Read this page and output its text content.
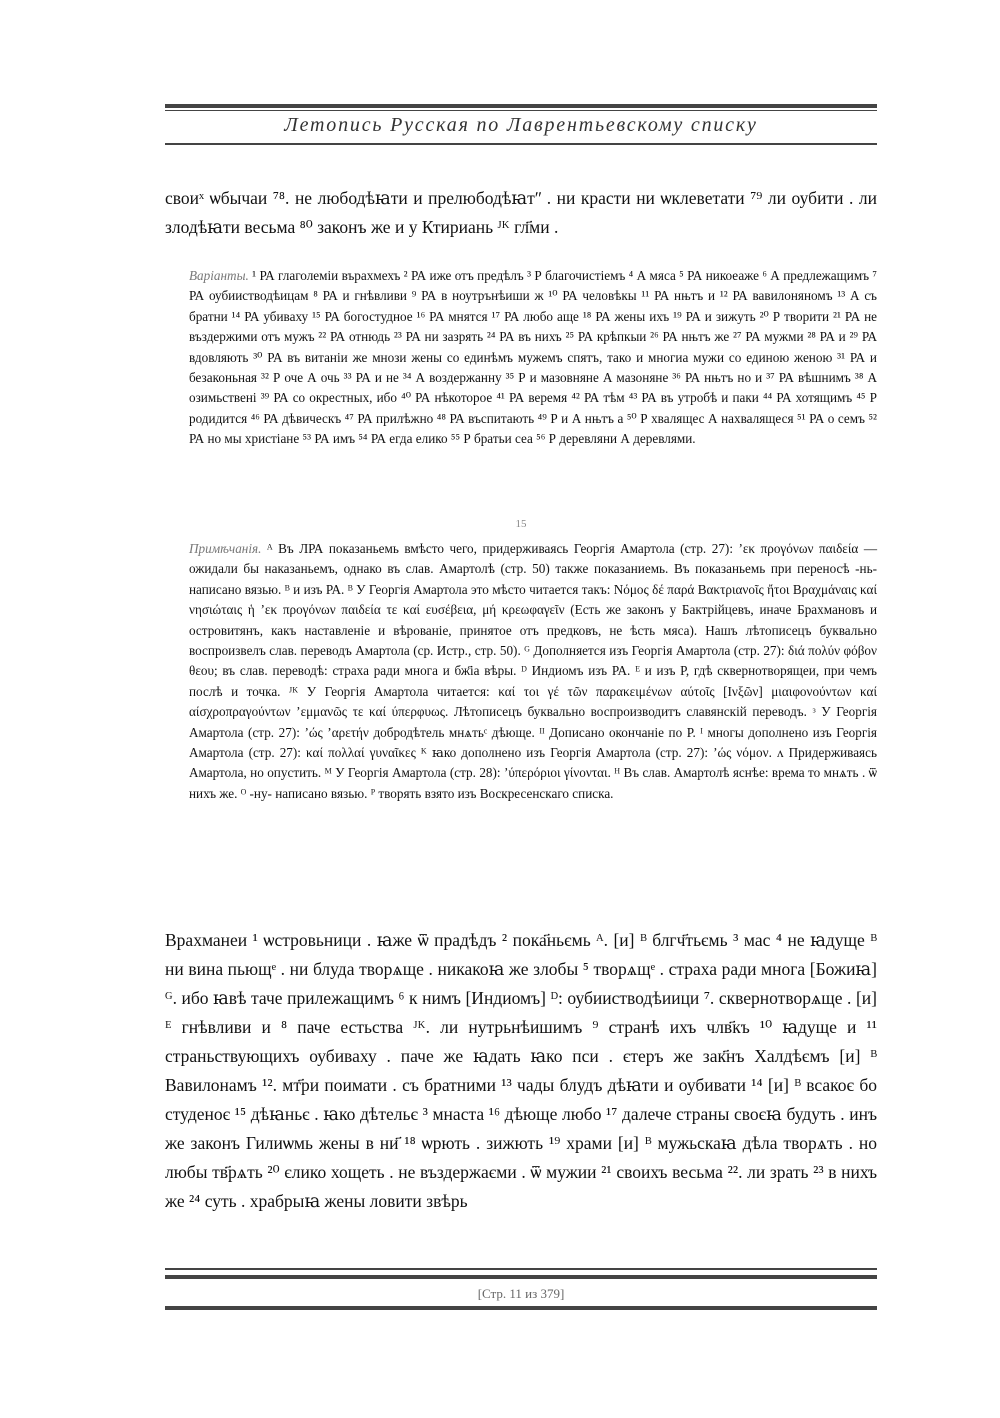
Летопись Русская по Лаврентьевскому списку

своиˣ ѡбычаи ⁷⁸. не любодѣꙗти и прелюбодѣꙗтʺ . ни красти ни ѡклеветати ⁷⁹ ли оубити . ли злодѣꙗти весьма ⁸⁰ законъ же и у Ктириань ᴶᴷ гл҃ми .

Варіанты. ¹ РА глаголеміи върахмехъ ² РА иже отъ предѣлъ ³ Р благочистіемъ ⁴ А мяса ⁵ РА никоеаже ⁶ А предлежащимъ ⁷ РА оубиистводѣицам ⁸ РА и гнѣвливи ⁹ РА в ноутрънѣиши ж ¹⁰ РА человѣкы ¹¹ РА нњтъ и ¹² РА вавилоняномъ ¹³ А съ братни ¹⁴ РА убиваху ¹⁵ РА богостудное ¹⁶ РА мнятся ¹⁷ РА любо аще ¹⁸ РА жены ихъ ¹⁹ РА и зижуть ²⁰ Р творити ²¹ РА не въздержими отъ мужъ ²² РА отнюдь ²³ РА ни зазрять ²⁴ РА въ нихъ ²⁵ РА крѣпкыи ²⁶ РА нњтъ же ²⁷ РА мужми ²⁸ РА и ²⁹ РА вдовляють ³⁰ РА въ витаніи же мнози жены со единѣмъ мужемъ спятъ, тако и многиа мужи со единою женою ³¹ РА и безаконьная ³² Р оче А очь ³³ РА и не ³⁴ А воздержанну ³⁵ Р и мазовняне А мазоняне ³⁶ РА нњтъ но и ³⁷ РА вѣшнимъ ³⁸ А озимьствені ³⁹ РА со окрестных, ибо ⁴⁰ РА нѣкоторое ⁴¹ РА веремя ⁴² РА тѣм ⁴³ РА въ утробѣ и паки ⁴⁴ РА хотящимъ ⁴⁵ Р родидится ⁴⁶ РА дѣвическъ ⁴⁷ РА прилѣжно ⁴⁸ РА въспитають ⁴⁹ Р и А нњтъ а ⁵⁰ Р хвалящес А нахвалящеся ⁵¹ РА о семъ ⁵² РА но мы христiане ⁵³ РА имъ ⁵⁴ РА егда елико ⁵⁵ Р братьи сеа ⁵⁶ Р деревляни А деревлями.

15

Примѣчанія. ᴬ Въ ЛРА показаньемь вмѣсто чего, придерживаясь Георгія Амартола (стр. 27): ’εκ προγόνων παιδεία — ожидали бы наказаньемъ, однако въ слав. Амартолѣ (стр. 50) также показаниемь. Въ показаньемь при переносѣ -нь- написано вязью. ᴮ и изъ РА. ᴮ У Георгія Амартола это мѣсто читается такъ: Νόμος δέ παρά Βακτριανοῖς ἤτοι Βραχμάναις καί νησιώταις ἡ ’εκ προγόνων παιδεία τε καί ευσέβεια, μή κρεωφαγεῖν (Есть же законъ у Бактрійцевъ, иначе Брахмановъ и островитянъ, какъ наставленіе и вѣрованіе, принятое отъ предковъ, не ѣсть мяса). Нашъ лѣтописецъ буквально воспроизвелъ слав. переводъ Амартола (ср. Истр., стр. 50). ᴳ Дополняется изъ Георгія Амартола (стр. 27): διά πολύν φόβον θεου; въ слав. переводѣ: страха ради многа и бж҃іа вѣры. ᴰ Индиомъ изъ РА. ᴱ и изъ Р, гдѣ сквернотворящеи, при чемъ послѣ и точка. ᴶᴷ У Георгія Амартола читается: καί τοι γέ τῶν παρακειμένων αύτοῖς [Ινξῶν] μιαιφονούντων καί αίσχροπραγούντων ’εμμανῶς τε καί ύπερφυως. Лѣтописецъ буквально воспроизводитъ славянскій переводъ. ᶟ У Георгія Амартола (стр. 27): ’ώς ’αρετήν добродѣтель мнѧтьᶜ дѣюще. ᴵᴵ Дописано окончаніе по Р. ᴵ многы дополнено изъ Георгія Амартола (стр. 27): καί πολλαί γυναῖκες ᴷ ꙗко дополнено изъ Георгія Амартола (стр. 27): ’ώς νόμον. ᴧ Придерживаясь Амартола, но опустить. ᴹ У Георгія Амартола (стр. 28): ’ύπερόριοι γίνονται. ᴴ Въ слав. Амартолѣ яснѣе: врема то мнѧть . ѿ нихъ же. ᴼ -ну- написано вязью. ᴾ творять взято изъ Воскресенскаго списка.

Врахманеи ¹ ѡстровьници . ꙗже ѿ прадѣдъ ² пока҃ньємь ᴬ. [и] ᴮ блгч҃тьємь ³ мас ⁴ не ꙗдуще ᴮ ни вина пьющᵉ . ни блуда творѧще . никакоꙗ же злобы ⁵ творѧщᵉ . страха ради многа [Божиꙗ] ᴳ. ибо ꙗвѣ таче прилежащимъ ⁶ к нимъ [Индиомъ] ᴰ: оубиистводѣиици ⁷. сквернотворѧще . [и] ᴱ гнѣвливи и ⁸ паче естьства ᴶᴷ. ли нутрьнѣишимъ ⁹ странѣ ихъ члв҃къ ¹⁰ ꙗдуще и ¹¹ страньствующихъ оубиваху . паче же ꙗдать ꙗко пси . єтеръ же зак҃нъ Халдѣємъ [и] ᴮ Вавилонамъ ¹². мт҃ри поимати . съ братними ¹³ чады блудъ дѣꙗти и оубивати ¹⁴ [и] ᴮ всакоє бо студеноє ¹⁵ дѣꙗньє . ꙗко дѣтельє ³ мнаста ¹⁶ дѣюще любо ¹⁷ далече страны своєꙗ будуть . инъ же законъ Гилиѡмь жены в ни҃ ¹⁸ ѡрють . зижють ¹⁹ храми [и] ᴮ мужьскаꙗ дѣла творѧть . но любы тв҃рѧть ²⁰ єлико хощеть . не въздержаєми . ѿ мужии ²¹ своихъ весьма ²². ли зрать ²³ в нихъ же ²⁴ суть . храбрыꙗ жены ловити звѣрь

[Стр. 11 из 379]
